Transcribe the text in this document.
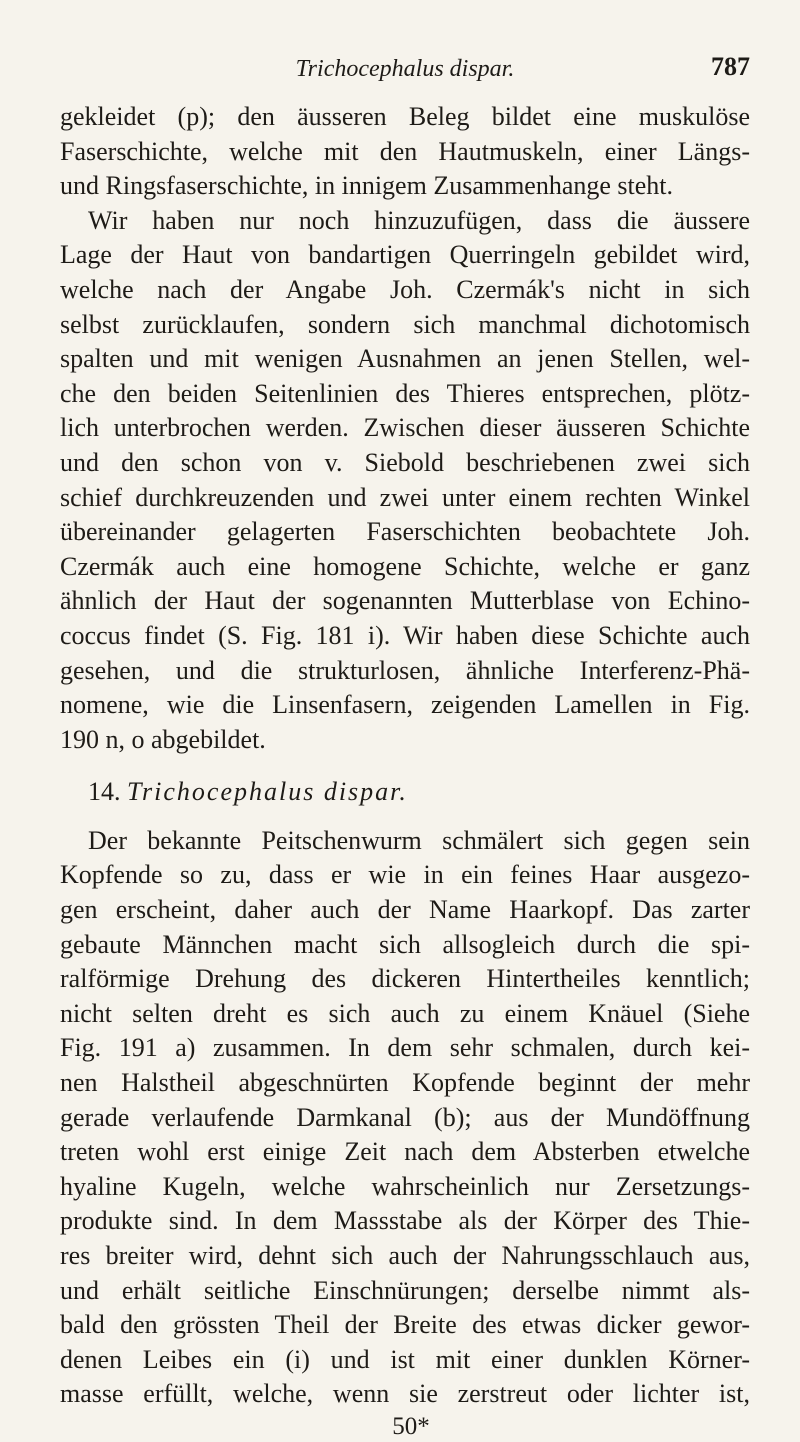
Trichocephalus dispar.	787
gekleidet (p); den äusseren Beleg bildet eine muskulöse
Faserschichte, welche mit den Hautmuskeln, einer Längs-
und Ringsfaserschichte, in innigem Zusammenhange steht.
Wir haben nur noch hinzuzufügen, dass die äussere
Lage der Haut von bandartigen Querringeln gebildet wird,
welche nach der Angabe Joh. Czermák's nicht in sich
selbst zurücklaufen, sondern sich manchmal dichotomisch
spalten und mit wenigen Ausnahmen an jenen Stellen, wel-
che den beiden Seitenlinien des Thieres entsprechen, plötz-
lich unterbrochen werden. Zwischen dieser äusseren Schichte
und den schon von v. Siebold beschriebenen zwei sich
schief durchkreuzenden und zwei unter einem rechten Winkel
übereinander gelagerten Faserschichten beobachtete Joh.
Czermák auch eine homogene Schichte, welche er ganz
ähnlich der Haut der sogenannten Mutterblase von Echino-
coccus findet (S. Fig. 181 i). Wir haben diese Schichte auch
gesehen, und die strukturlosen, ähnliche Interferenz-Phä-
nomene, wie die Linsenfasern, zeigenden Lamellen in Fig.
190 n, o abgebildet.
14. Trichocephalus dispar.
Der bekannte Peitschenwurm schmälert sich gegen sein
Kopfende so zu, dass er wie in ein feines Haar ausgezo-
gen erscheint, daher auch der Name Haarkopf. Das zarter
gebaute Männchen macht sich allsogleich durch die spi-
ralförmige Drehung des dickeren Hintertheiles kenntlich;
nicht selten dreht es sich auch zu einem Knäuel (Siehe
Fig. 191 a) zusammen. In dem sehr schmalen, durch kei-
nen Halstheil abgeschnürten Kopfende beginnt der mehr
gerade verlaufende Darmkanal (b); aus der Mundöffnung
treten wohl erst einige Zeit nach dem Absterben etwelche
hyaline Kugeln, welche wahrscheinlich nur Zersetzungs-
produkte sind. In dem Massstabe als der Körper des Thie-
res breiter wird, dehnt sich auch der Nahrungsschlauch aus,
und erhält seitliche Einschnürungen; derselbe nimmt als-
bald den grössten Theil der Breite des etwas dicker gewor-
denen Leibes ein (i) und ist mit einer dunklen Körner-
masse erfüllt, welche, wenn sie zerstreut oder lichter ist,
50*
